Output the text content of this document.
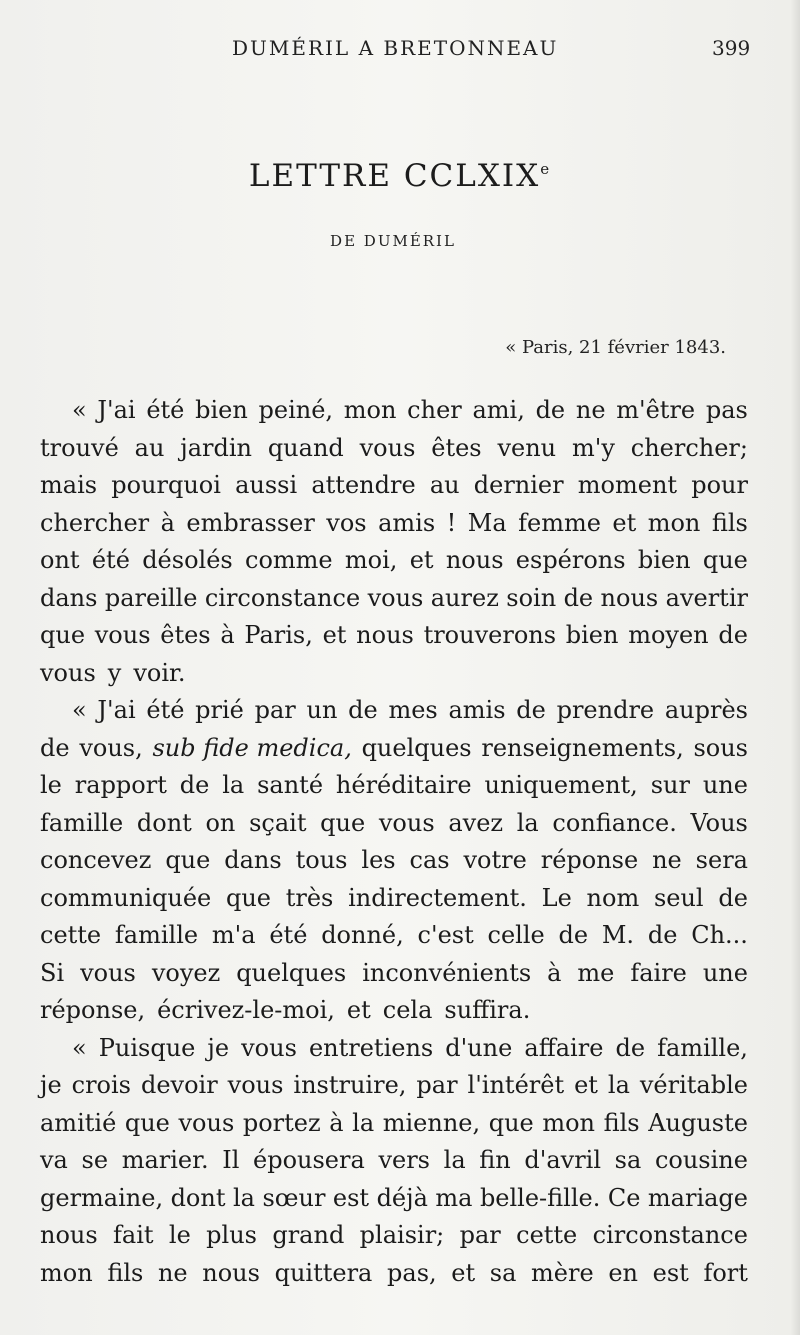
DUMÉRIL A BRETONNEAU	399
LETTRE CCLXIXe
DE DUMÉRIL
« Paris, 21 février 1843.
« J'ai été bien peiné, mon cher ami, de ne m'être pas
trouvé au jardin quand vous êtes venu m'y chercher;
mais pourquoi aussi attendre au dernier moment pour
chercher à embrasser vos amis ! Ma femme et mon fils
ont été désolés comme moi, et nous espérons bien que
dans pareille circonstance vous aurez soin de nous avertir
que vous êtes à Paris, et nous trouverons bien moyen de
vous y voir.
« J'ai été prié par un de mes amis de prendre auprès
de vous, sub fide medica, quelques renseignements, sous
le rapport de la santé héréditaire uniquement, sur une
famille dont on sçait que vous avez la confiance. Vous
concevez que dans tous les cas votre réponse ne sera
communiquée que très indirectement. Le nom seul de
cette famille m'a été donné, c'est celle de M. de Ch...
Si vous voyez quelques inconvénients à me faire une
réponse, écrivez-le-moi, et cela suffira.
« Puisque je vous entretiens d'une affaire de famille,
je crois devoir vous instruire, par l'intérêt et la véritable
amitié que vous portez à la mienne, que mon fils Auguste
va se marier. Il épousera vers la fin d'avril sa cousine
germaine, dont la sœur est déjà ma belle-fille. Ce mariage
nous fait le plus grand plaisir; par cette circonstance
mon fils ne nous quittera pas, et sa mère en est fort
